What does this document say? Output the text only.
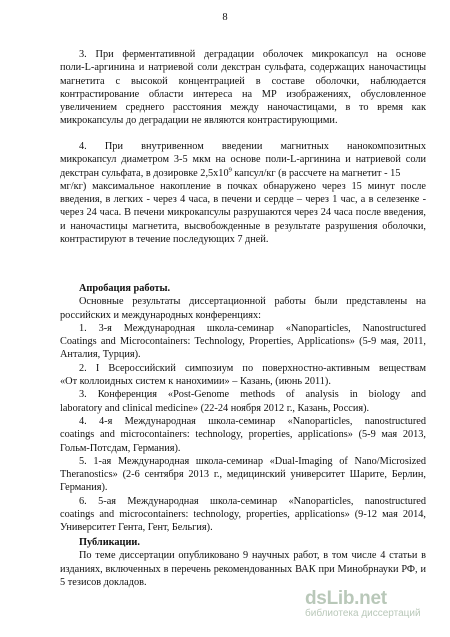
8
3. При ферментативной деградации оболочек микрокапсул на основе
поли-L-аргинина и натриевой соли декстран сульфата, содержащих наночастицы
магнетита с высокой концентрацией в составе оболочки, наблюдается
контрастирование области интереса на МР изображениях, обусловленное
увеличением среднего расстояния между наночастицами, в то время как
микрокапсулы до деградации не являются контрастирующими.
4. При внутривенном введении магнитных нанокомпозитных
микрокапсул диаметром 3-5 мкм на основе поли-L-аргинина и натриевой соли
декстран сульфата, в дозировке $2,5x10^9$ капсул/кг (в рассчете на магнетит - 15
мг/кг) максимальное накопление в почках обнаружено через 15 минут после
введения, в легких - через 4 часа, в печени и сердце – через 1 час, а в селезенке -
через 24 часа. В печени микрокапсулы разрушаются через 24 часа после введения,
и наночастицы магнетита, высвобожденные в результате разрушения оболочки,
контрастируют в течение последующих 7 дней.
Апробация работы.
Основные результаты диссертационной работы были представлены на
российских и международных конференциях:
1. 3-я Международная школа-семинар «Nanoparticles, Nanostructured
Coatings and Microcontainers: Technology, Properties, Applications» (5-9 мая, 2011,
Анталия, Турция).
2. I Всероссийский симпозиум по поверхностно-активным веществам
«От коллоидных систем к нанохимии» – Казань, (июнь 2011).
3. Конференция «Post-Genome methods of analysis in biology and
laboratory and clinical medicine» (22-24 ноября 2012 г., Казань, Россия).
4. 4-я Международная школа-семинар «Nanoparticles, nanostructured
coatings and microcontainers: technology, properties, applications» (5-9 мая 2013,
Гольм-Потсдам, Германия).
5. 1-ая Международная школа-семинар «Dual-Imaging of Nano/Microsized
Theranostics» (2-6 сентября 2013 г., медицинский университет Шарите, Берлин,
Германия).
6. 5-ая Международная школа-семинар «Nanoparticles, nanostructured
coatings and microcontainers: technology, properties, applications» (9-12 мая 2014,
Университет Гента, Гент, Бельгия).
Публикации.
По теме диссертации опубликовано 9 научных работ, в том числе 4 статьи в
изданиях, включенных в перечень рекомендованных ВАК при Минобрнауки РФ, и
5 тезисов докладов.
dsLib.net
библиотека диссертаций
